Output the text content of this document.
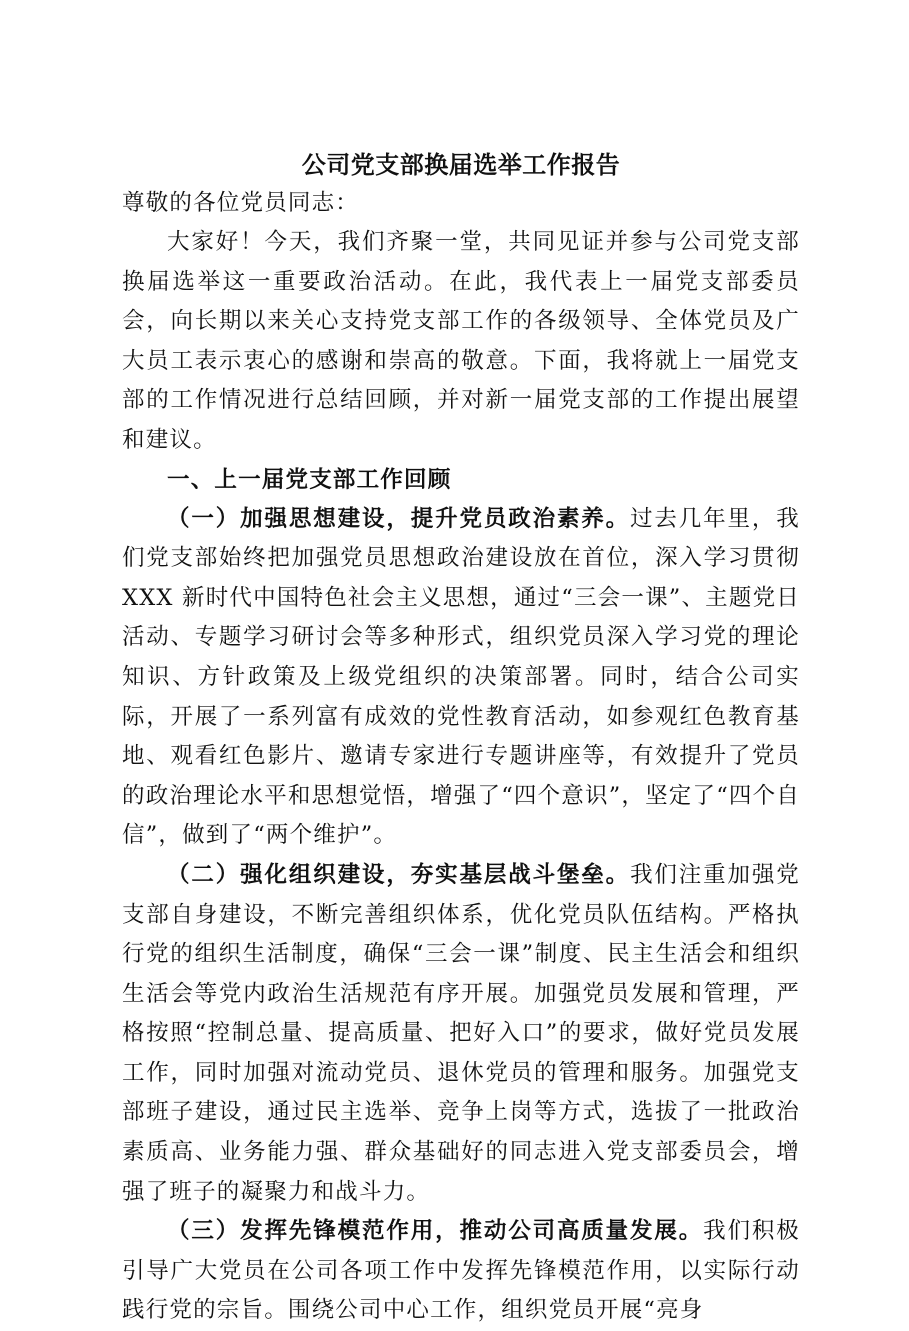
公司党支部换届选举工作报告

尊敬的各位党员同志：

大家好！今天，我们齐聚一堂，共同见证并参与公司党支部换届选举这一重要政治活动。在此，我代表上一届党支部委员会，向长期以来关心支持党支部工作的各级领导、全体党员及广大员工表示衷心的感谢和崇高的敬意。下面，我将就上一届党支部的工作情况进行总结回顾，并对新一届党支部的工作提出展望和建议。

一、上一届党支部工作回顾

（一）加强思想建设，提升党员政治素养。过去几年里，我们党支部始终把加强党员思想政治建设放在首位，深入学习贯彻 XXX 新时代中国特色社会主义思想，通过“三会一课”、主题党日活动、专题学习研讨会等多种形式，组织党员深入学习党的理论知识、方针政策及上级党组织的决策部署。同时，结合公司实际，开展了一系列富有成效的党性教育活动，如参观红色教育基地、观看红色影片、邀请专家进行专题讲座等，有效提升了党员的政治理论水平和思想觉悟，增强了“四个意识”，坚定了“四个自信”，做到了“两个维护”。

（二）强化组织建设，夯实基层战斗堡垒。我们注重加强党支部自身建设，不断完善组织体系，优化党员队伍结构。严格执行党的组织生活制度，确保“三会一课”制度、民主生活会和组织生活会等党内政治生活规范有序开展。加强党员发展和管理，严格按照“控制总量、提高质量、把好入口”的要求，做好党员发展工作，同时加强对流动党员、退休党员的管理和服务。加强党支部班子建设，通过民主选举、竞争上岗等方式，选拔了一批政治素质高、业务能力强、群众基础好的同志进入党支部委员会，增强了班子的凝聚力和战斗力。

（三）发挥先锋模范作用，推动公司高质量发展。我们积极引导广大党员在公司各项工作中发挥先锋模范作用，以实际行动践行党的宗旨。围绕公司中心工作，组织党员开展“亮身
